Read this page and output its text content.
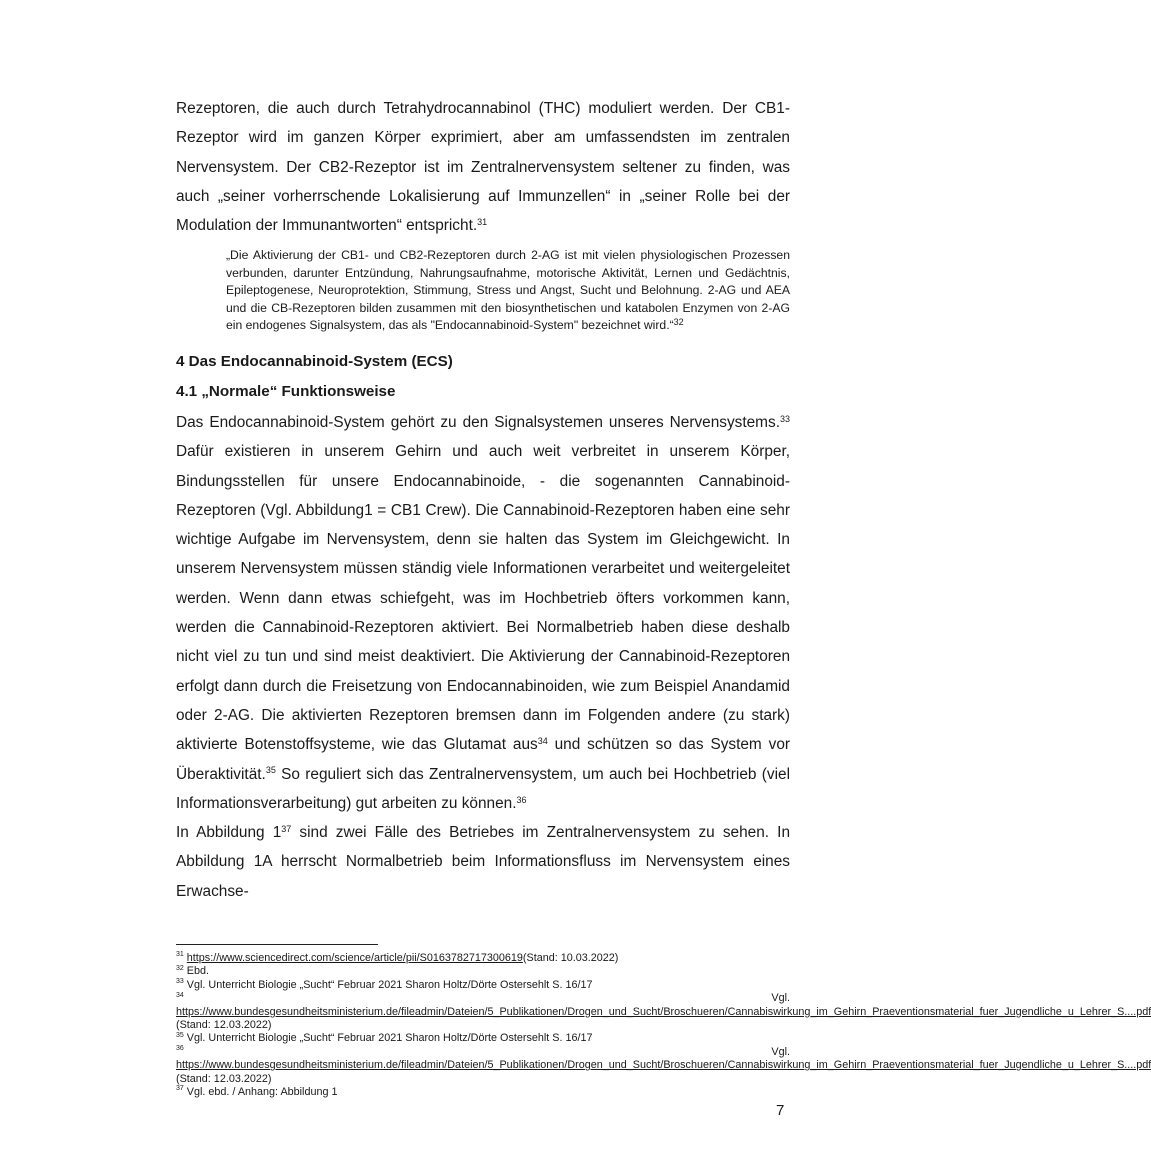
Rezeptoren, die auch durch Tetrahydrocannabinol (THC) moduliert werden. Der CB1-Rezeptor wird im ganzen Körper exprimiert, aber am umfassendsten im zentralen Nervensystem. Der CB2-Rezeptor ist im Zentralnervensystem seltener zu finden, was auch „seiner vorherrschende Lokalisierung auf Immunzellen“ in „seiner Rolle bei der Modulation der Immunantworten“ entspricht.$^{31}$

„Die Aktivierung der CB1- und CB2-Rezeptoren durch 2-AG ist mit vielen physiologischen Prozessen verbunden, darunter Entzündung, Nahrungsaufnahme, motorische Aktivität, Lernen und Gedächtnis, Epileptogenese, Neuroprotektion, Stimmung, Stress und Angst, Sucht und Belohnung. 2-AG und AEA und die CB-Rezeptoren bilden zusammen mit den biosynthetischen und katabolen Enzymen von 2-AG ein endogenes Signalsystem, das als "Endocannabinoid-System" bezeichnet wird.“$^{32}$

4 Das Endocannabinoid-System (ECS)
4.1 „Normale“ Funktionsweise

Das Endocannabinoid-System gehört zu den Signalsystemen unseres Nervensystems.$^{33}$ Dafür existieren in unserem Gehirn und auch weit verbreitet in unserem Körper, Bindungsstellen für unsere Endocannabinoide, - die sogenannten Cannabinoid-Rezeptoren (Vgl. Abbildung1 = CB1 Crew). Die Cannabinoid-Rezeptoren haben eine sehr wichtige Aufgabe im Nervensystem, denn sie halten das System im Gleichgewicht. In unserem Nervensystem müssen ständig viele Informationen verarbeitet und weitergeleitet werden. Wenn dann etwas schiefgeht, was im Hochbetrieb öfters vorkommen kann, werden die Cannabinoid-Rezeptoren aktiviert. Bei Normalbetrieb haben diese deshalb nicht viel zu tun und sind meist deaktiviert. Die Aktivierung der Cannabinoid-Rezeptoren erfolgt dann durch die Freisetzung von Endocannabinoiden, wie zum Beispiel Anandamid oder 2-AG. Die aktivierten Rezeptoren bremsen dann im Folgenden andere (zu stark) aktivierte Botenstoffsysteme, wie das Glutamat aus$^{34}$ und schützen so das System vor Überaktivität.$^{35}$ So reguliert sich das Zentralnervensystem, um auch bei Hochbetrieb (viel Informationsverarbeitung) gut arbeiten zu können.$^{36}$

In Abbildung $1^{37}$ sind zwei Fälle des Betriebes im Zentralnervensystem zu sehen. In Abbildung 1A herrscht Normalbetrieb beim Informationsfluss im Nervensystem eines Erwachse-

$^{31}$ https://www.sciencedirect.com/science/article/pii/S0163782717300619(Stand: 10.03.2022)

$^{32}$ Ebd.

$^{33}$ Vgl. Unterricht Biologie „Sucht“ Februar 2021 Sharon Holtz/Dörte Ostersehlt S. 16/17

$^{34}$	Vgl. https://www.bundesgesundheitsministerium.de/fileadmin/Dateien/5_Publikationen/Drogen_und_Sucht/Broschueren/Cannabiswirkung_im_Gehirn_Praeventionsmaterial_fuer_Jugendliche_u_Lehrer_S....pdf (Stand: 12.03.2022)

$^{35}$ Vgl. Unterricht Biologie „Sucht“ Februar 2021 Sharon Holtz/Dörte Ostersehlt S. 16/17

$^{36}$	Vgl. https://www.bundesgesundheitsministerium.de/fileadmin/Dateien/5_Publikationen/Drogen_und_Sucht/Broschueren/Cannabiswirkung_im_Gehirn_Praeventionsmaterial_fuer_Jugendliche_u_Lehrer_S....pdf (Stand: 12.03.2022)

$^{37}$ Vgl. ebd. / Anhang: Abbildung 1

7
